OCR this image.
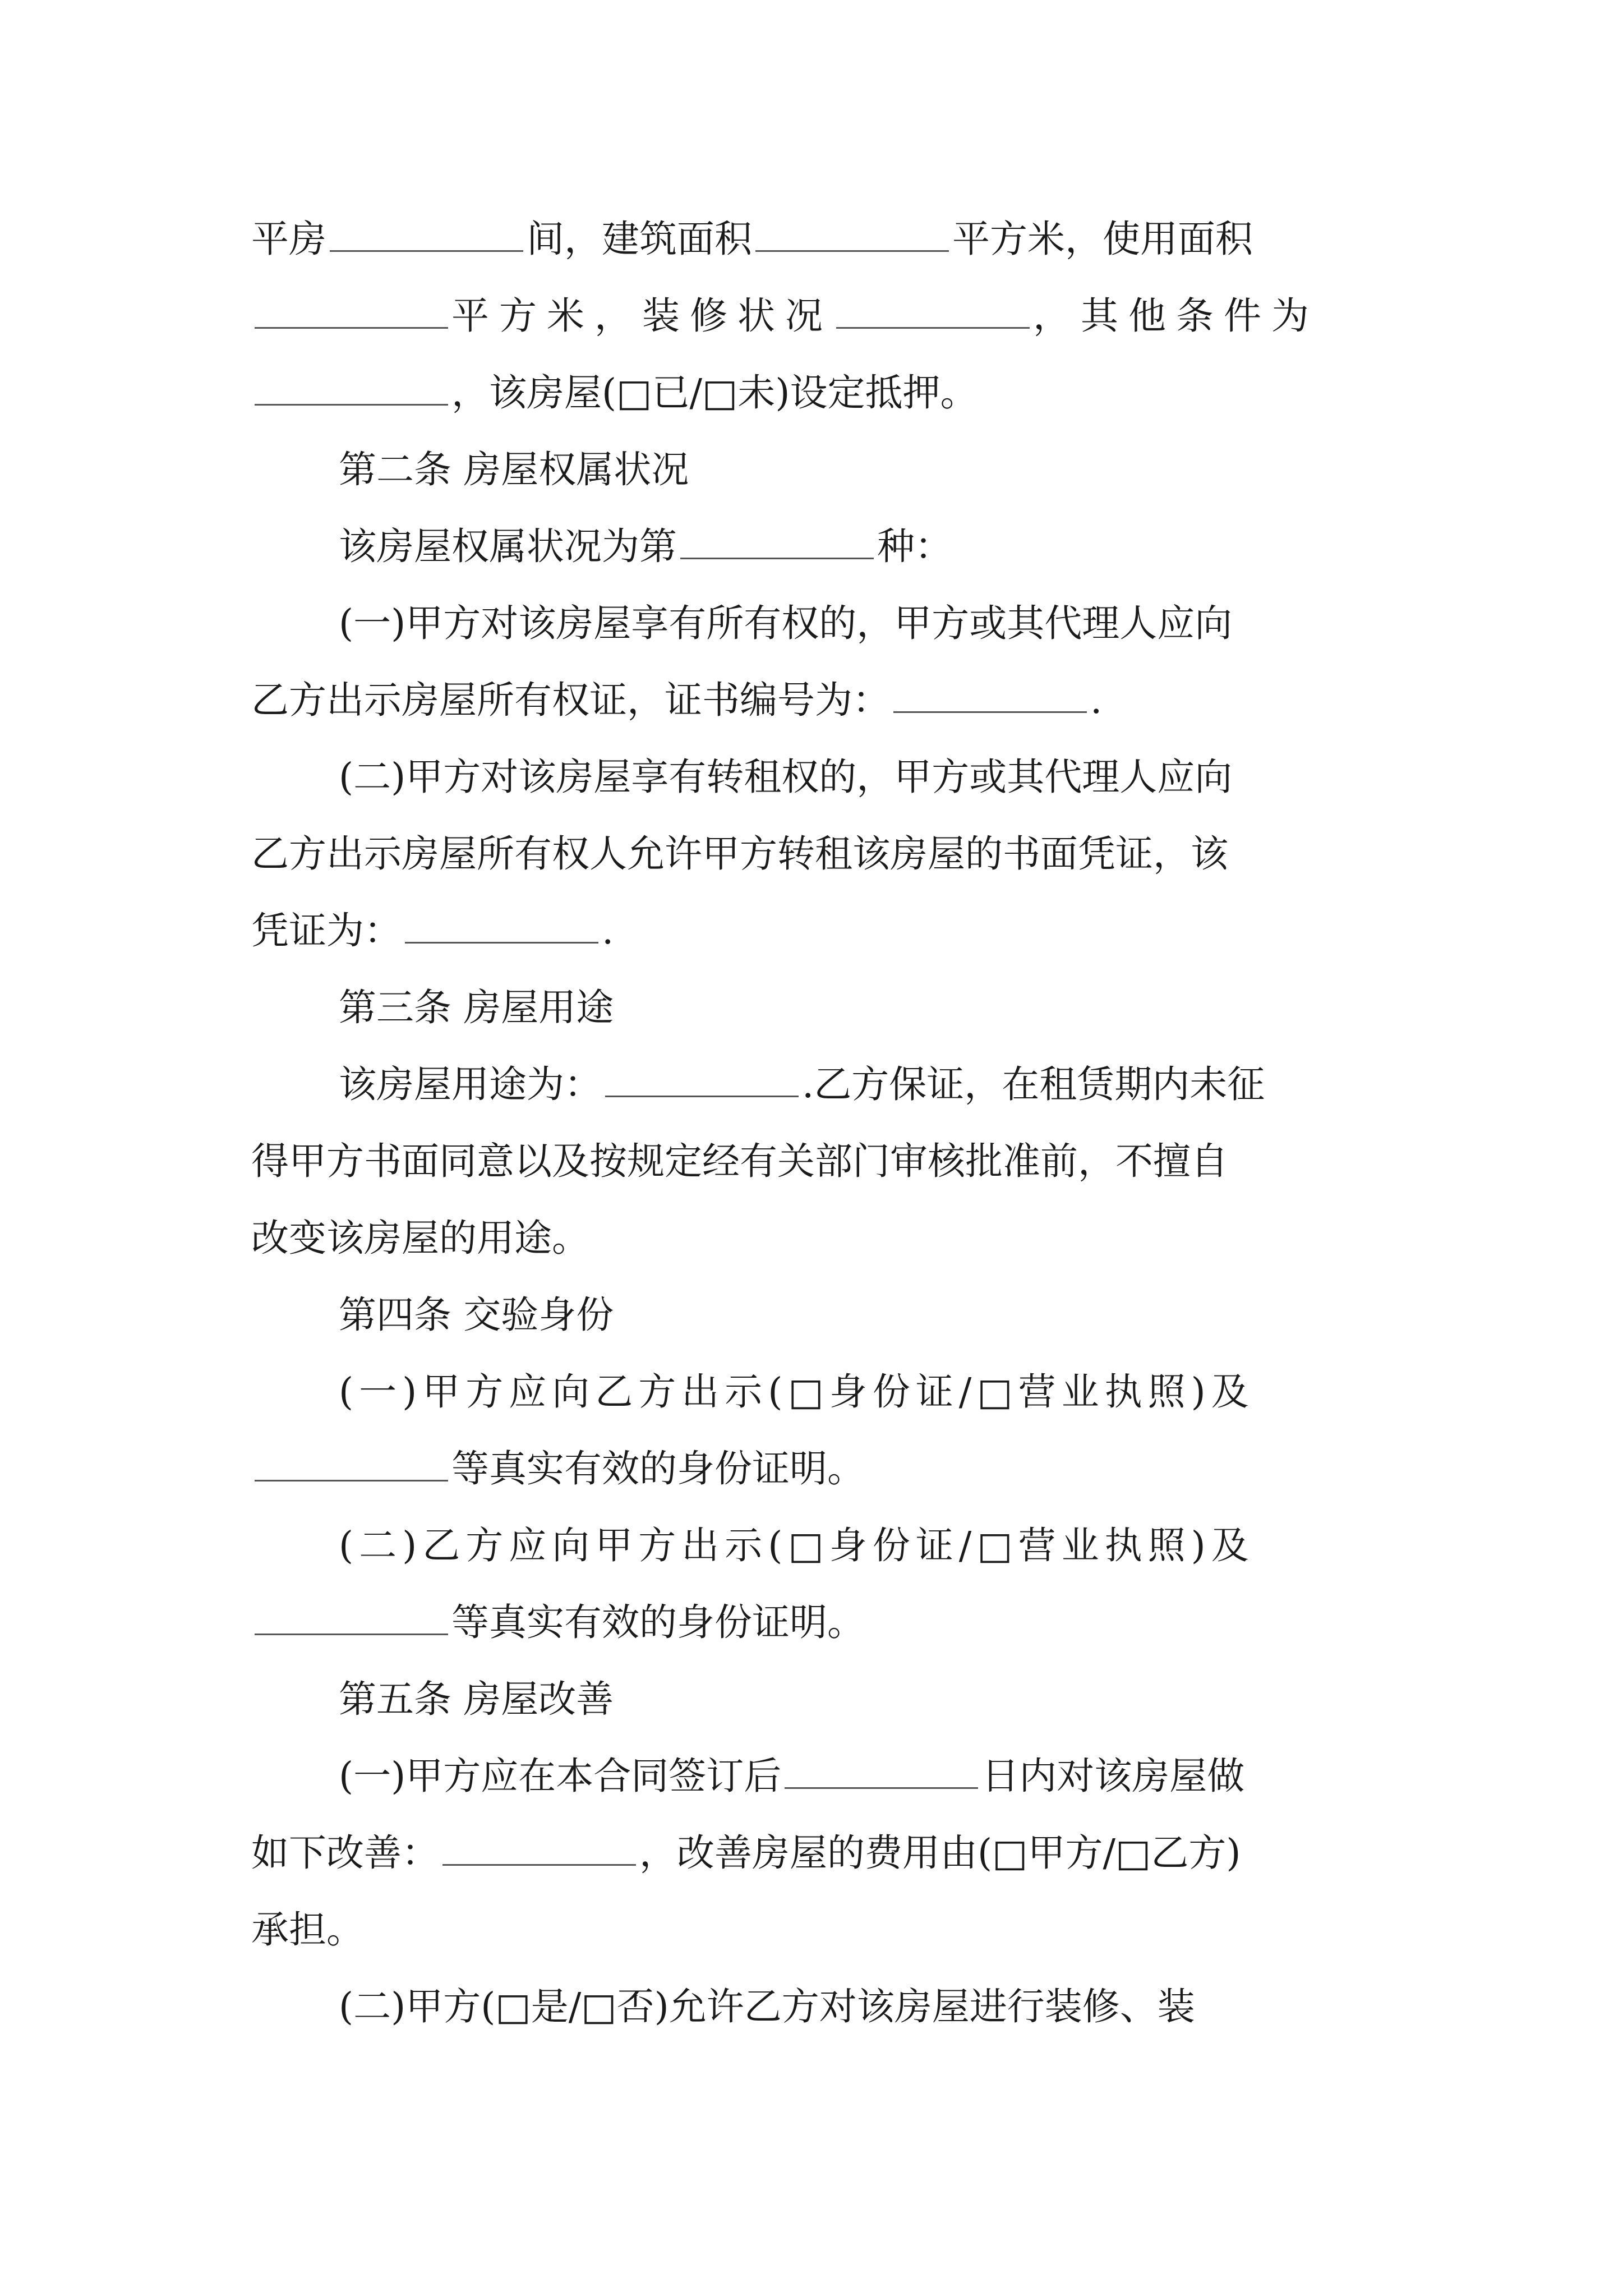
平房	间，建筑面积	平方米，使用面积
平方米，装修状况	，其他条件为
，该房屋(□已/□未)设定抵押。
第二条 房屋权属状况
该房屋权属状况为第	种：
(一)甲方对该房屋享有所有权的，甲方或其代理人应向
乙方出示房屋所有权证，证书编号为：	.
(二)甲方对该房屋享有转租权的，甲方或其代理人应向
乙方出示房屋所有权人允许甲方转租该房屋的书面凭证，该
凭证为：	.
第三条 房屋用途
该房屋用途为：	.乙方保证，在租赁期内未征
得甲方书面同意以及按规定经有关部门审核批准前，不擅自
改变该房屋的用途。
第四条 交验身份
(一)甲方应向乙方出示(□身份证/□营业执照)及
等真实有效的身份证明。
(二)乙方应向甲方出示(□身份证/□营业执照)及
等真实有效的身份证明。
第五条 房屋改善
(一)甲方应在本合同签订后	日内对该房屋做
如下改善：	，改善房屋的费用由(□甲方/□乙方)
承担。
(二)甲方(□是/□否)允许乙方对该房屋进行装修、装
